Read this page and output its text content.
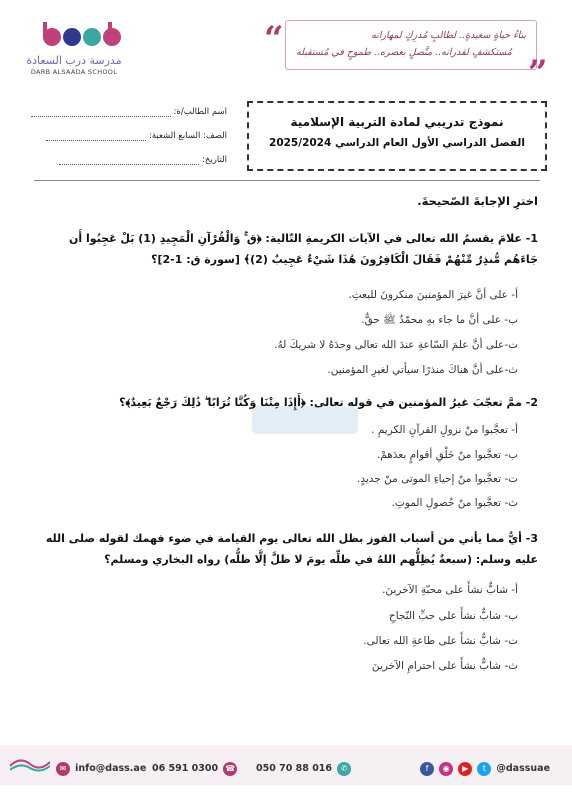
مدرسة درب السعادة
DARB ALSAADA SCHOOL
“	بناءُ حياةٍ سعيدةٍ.. لطالبٍ مُدرِكٍ لمهاراته

مُستكشفٍ لقدراته.. متَّصلٍ بعصره.. طموحٍ في مُستقبله

”
اسم الطالب/ة:
الصف: السابع الشعبة:
التاريخ:
نموذج تدريبي لمادة التربية الإسلامية
الفصل الدراسي الأول العام الدراسي 2025/2024
اخترِ الإجابةَ الصّحيحةَ.
1- علامَ يقسمُ الله تعالى في الآيات الكريمةِ التّالية: ﴿ق ۚ وَالْقُرْآنِ الْمَجِيدِ (1) بَلْ عَجِبُوا أَن جَاءَهُم مُّنذِرٌ مِّنْهُمْ فَقَالَ الْكَافِرُونَ هَٰذَا شَيْءٌ عَجِيبٌ (2)﴾ [سورة ق: 1-2]؟
أ- على أنَّ غيرَ المؤمنينَ منكرونَ للبعثِ.
ب- على أنَّ ما جاء بهِ محمّدٌ ﷺ حقٌّ.
ت-على أنَّ علمَ السّاعةِ عندَ الله تعالى وحدَهُ لا شريكَ لهُ.
ث-على أنَّ هناكَ منذرًا سيأتي لغيرِ المؤمنين.
2- ممَّ تعجّبَ غيرُ المؤمنين في قوله تعالى: ﴿أَإِذَا مِتْنَا وَكُنَّا تُرَابًا ۖ ذَٰلِكَ رَجْعٌ بَعِيدٌ﴾؟
أ- تعجَّبوا منْ نزولِ القرآنِ الكريمِ .
ب- تعجَّبوا منْ خَلْقِ أقوامٍ بعدَهمْ.
ت- تعجَّبوا منْ إحياءِ الموتى منْ جديدٍ.
ث- تعجَّبوا منْ حُصولِ الموتِ.
3- أيٌّ مما يأتي من أسباب الفوز بظل الله تعالى يوم القيامة في ضوء فهمك لقوله صلى الله عليه وسلم: (سبعةٌ يُظِلُّهم اللهُ في ظلِّه يومَ لا ظلَّ إلَّا ظلُّه) رواه البخاري ومسلم؟
أ- شابٌّ نشأَ على محبّةِ الآخرينَ.
ب- شابٌّ نشأَ على حبِّ النّجاحِ
ت- شابٌّ نشأَ على طاعةِ الله تعالى.
ث- شابٌّ نشأَ على احترامِ الآخرينَ
✉ info@dass.ae 06 591 0300 ☎ 050 70 88 016 ✆	f ◉ ▶ t @dassuae
